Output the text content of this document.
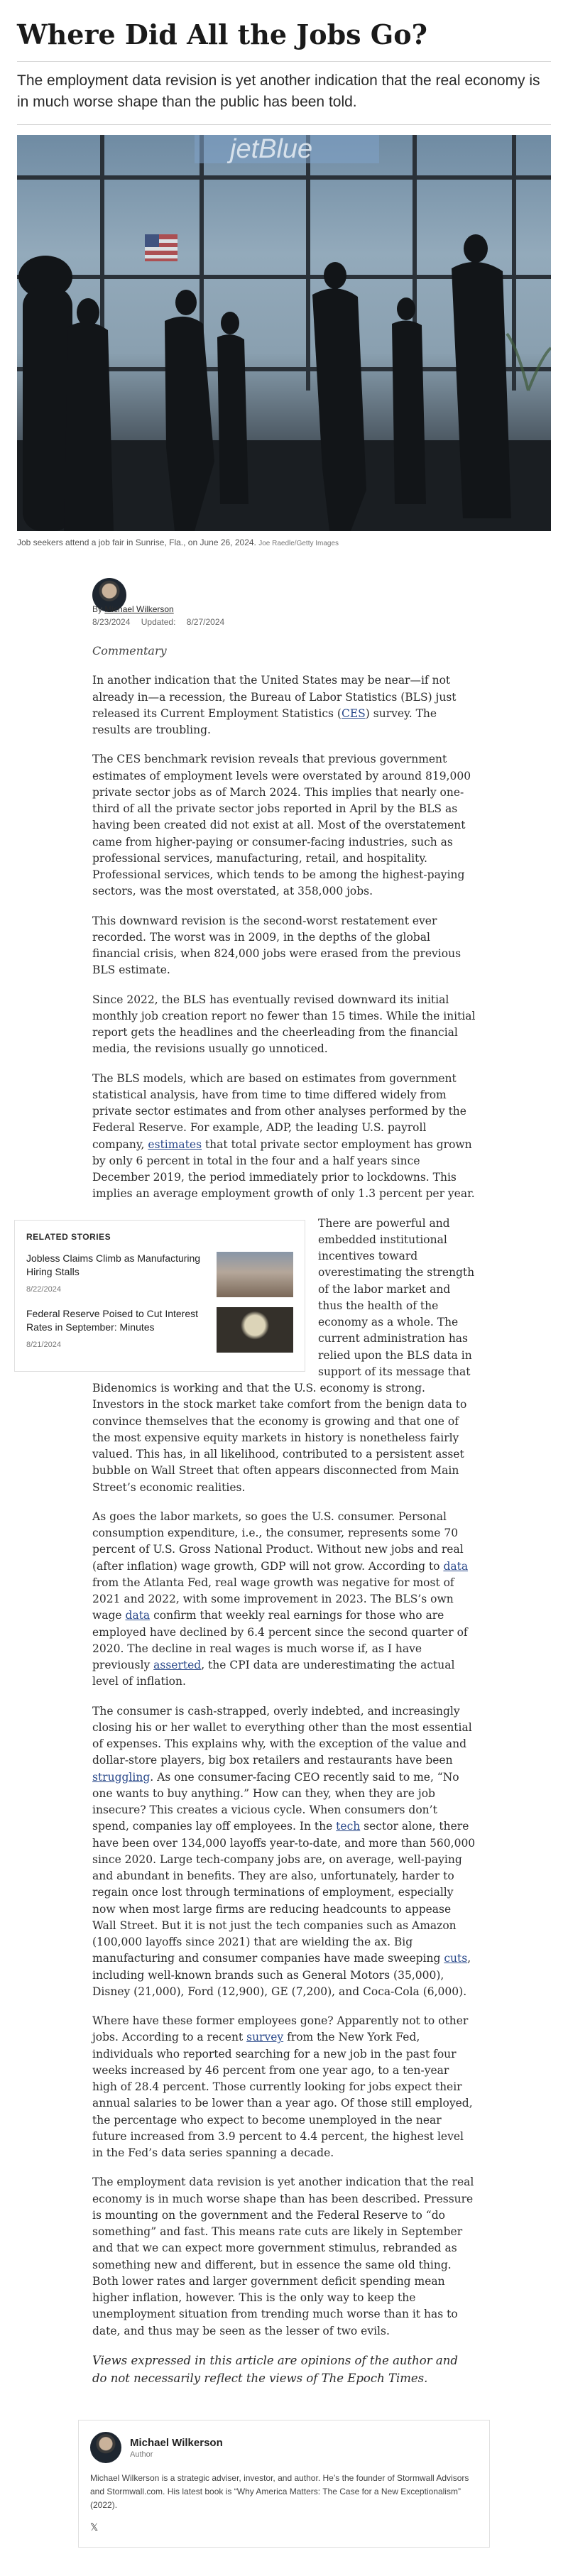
Where Did All the Jobs Go?

The employment data revision is yet another indication that the real economy is in much worse shape than the public has been told.

jetBlue

Job seekers attend a job fair in Sunrise, Fla., on June 26, 2024. Joe Raedle/Getty Images

By Michael Wilkerson
8/23/2024 Updated: 8/27/2024

Commentary

In another indication that the United States may be near—if not already in—a recession, the Bureau of Labor Statistics (BLS) just released its Current Employment Statistics (CES) survey. The results are troubling.

The CES benchmark revision reveals that previous government estimates of employment levels were overstated by around 819,000 private sector jobs as of March 2024. This implies that nearly one-third of all the private sector jobs reported in April by the BLS as having been created did not exist at all. Most of the overstatement came from higher-paying or consumer-facing industries, such as professional services, manufacturing, retail, and hospitality. Professional services, which tends to be among the highest-paying sectors, was the most overstated, at 358,000 jobs.

This downward revision is the second-worst restatement ever recorded. The worst was in 2009, in the depths of the global financial crisis, when 824,000 jobs were erased from the previous BLS estimate.

Since 2022, the BLS has eventually revised downward its initial monthly job creation report no fewer than 15 times. While the initial report gets the headlines and the cheerleading from the financial media, the revisions usually go unnoticed.

The BLS models, which are based on estimates from government statistical analysis, have from time to time differed widely from private sector estimates and from other analyses performed by the Federal Reserve. For example, ADP, the leading U.S. payroll company, estimates that total private sector employment has grown by only 6 percent in total in the four and a half years since December 2019, the period immediately prior to lockdowns. This implies an average employment growth of only 1.3 percent per year.

RELATED STORIES
Jobless Claims Climb as Manufacturing Hiring Stalls
8/22/2024
Federal Reserve Poised to Cut Interest Rates in September: Minutes
8/21/2024

There are powerful and embedded institutional incentives toward overestimating the strength of the labor market and thus the health of the economy as a whole. The current administration has relied upon the BLS data in support of its message that Bidenomics is working and that the U.S. economy is strong. Investors in the stock market take comfort from the benign data to convince themselves that the economy is growing and that one of the most expensive equity markets in history is nonetheless fairly valued. This has, in all likelihood, contributed to a persistent asset bubble on Wall Street that often appears disconnected from Main Street’s economic realities.

As goes the labor markets, so goes the U.S. consumer. Personal consumption expenditure, i.e., the consumer, represents some 70 percent of U.S. Gross National Product. Without new jobs and real (after inflation) wage growth, GDP will not grow. According to data from the Atlanta Fed, real wage growth was negative for most of 2021 and 2022, with some improvement in 2023. The BLS’s own wage data confirm that weekly real earnings for those who are employed have declined by 6.4 percent since the second quarter of 2020. The decline in real wages is much worse if, as I have previously asserted, the CPI data are underestimating the actual level of inflation.

The consumer is cash-strapped, overly indebted, and increasingly closing his or her wallet to everything other than the most essential of expenses. This explains why, with the exception of the value and dollar-store players, big box retailers and restaurants have been struggling. As one consumer-facing CEO recently said to me, “No one wants to buy anything.” How can they, when they are job insecure? This creates a vicious cycle. When consumers don’t spend, companies lay off employees. In the tech sector alone, there have been over 134,000 layoffs year-to-date, and more than 560,000 since 2020. Large tech-company jobs are, on average, well-paying and abundant in benefits. They are also, unfortunately, harder to regain once lost through terminations of employment, especially now when most large firms are reducing headcounts to appease Wall Street. But it is not just the tech companies such as Amazon (100,000 layoffs since 2021) that are wielding the ax. Big manufacturing and consumer companies have made sweeping cuts, including well-known brands such as General Motors (35,000), Disney (21,000), Ford (12,900), GE (7,200), and Coca-Cola (6,000).

Where have these former employees gone? Apparently not to other jobs. According to a recent survey from the New York Fed, individuals who reported searching for a new job in the past four weeks increased by 46 percent from one year ago, to a ten-year high of 28.4 percent. Those currently looking for jobs expect their annual salaries to be lower than a year ago. Of those still employed, the percentage who expect to become unemployed in the near future increased from 3.9 percent to 4.4 percent, the highest level in the Fed’s data series spanning a decade.

The employment data revision is yet another indication that the real economy is in much worse shape than has been described. Pressure is mounting on the government and the Federal Reserve to “do something” and fast. This means rate cuts are likely in September and that we can expect more government stimulus, rebranded as something new and different, but in essence the same old thing. Both lower rates and larger government deficit spending mean higher inflation, however. This is the only way to keep the unemployment situation from trending much worse than it has to date, and thus may be seen as the lesser of two evils.

Views expressed in this article are opinions of the author and do not necessarily reflect the views of The Epoch Times.

Michael Wilkerson
Author

Michael Wilkerson is a strategic adviser, investor, and author. He’s the founder of Stormwall Advisors and Stormwall.com. His latest book is “Why America Matters: The Case for a New Exceptionalism” (2022).

𝕏
